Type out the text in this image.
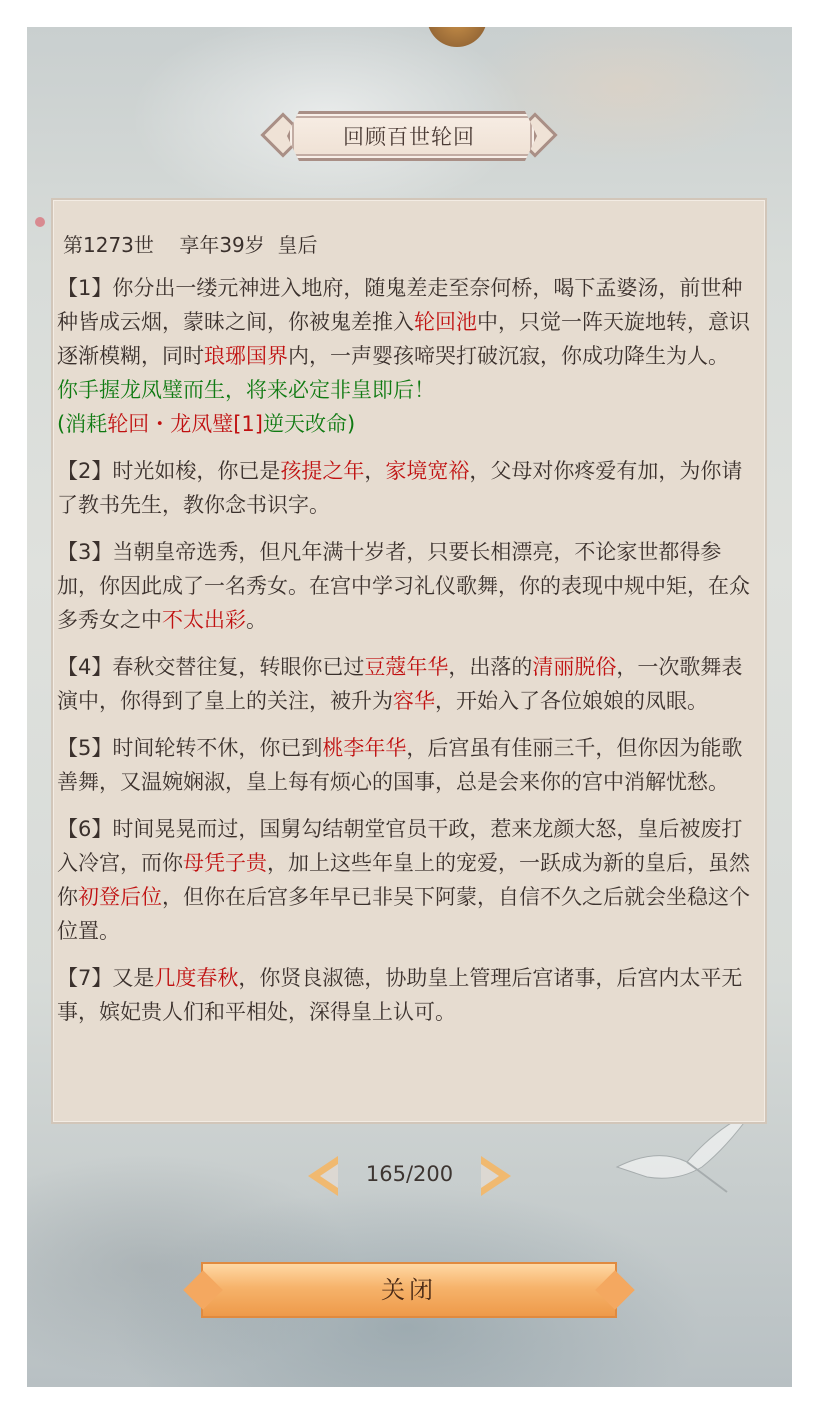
回顾百世轮回
第1273世    享年39岁  皇后
【1】你分出一缕元神进入地府，随鬼差走至奈何桥，喝下孟婆汤，前世种种皆成云烟，蒙昧之间，你被鬼差推入轮回池中，只觉一阵天旋地转，意识逐渐模糊，同时琅琊国界内，一声婴孩啼哭打破沉寂，你成功降生为人。
你手握龙凤璧而生，将来必定非皇即后！
(消耗轮回・龙凤璧[1]逆天改命)
【2】时光如梭，你已是孩提之年，家境宽裕，父母对你疼爱有加，为你请了教书先生，教你念书识字。
【3】当朝皇帝选秀，但凡年满十岁者，只要长相漂亮，不论家世都得参加，你因此成了一名秀女。在宫中学习礼仪歌舞，你的表现中规中矩，在众多秀女之中不太出彩。
【4】春秋交替往复，转眼你已过豆蔻年华，出落的清丽脱俗，一次歌舞表演中，你得到了皇上的关注，被升为容华，开始入了各位娘娘的凤眼。
【5】时间轮转不休，你已到桃李年华，后宫虽有佳丽三千，但你因为能歌善舞，又温婉娴淑，皇上每有烦心的国事，总是会来你的宫中消解忧愁。
【6】时间晃晃而过，国舅勾结朝堂官员干政，惹来龙颜大怒，皇后被废打入冷宫，而你母凭子贵，加上这些年皇上的宠爱，一跃成为新的皇后，虽然你初登后位，但你在后宫多年早已非吴下阿蒙，自信不久之后就会坐稳这个位置。
【7】又是几度春秋，你贤良淑德，协助皇上管理后宫诸事，后宫内太平无事，嫔妃贵人们和平相处，深得皇上认可。
165/200
关闭
